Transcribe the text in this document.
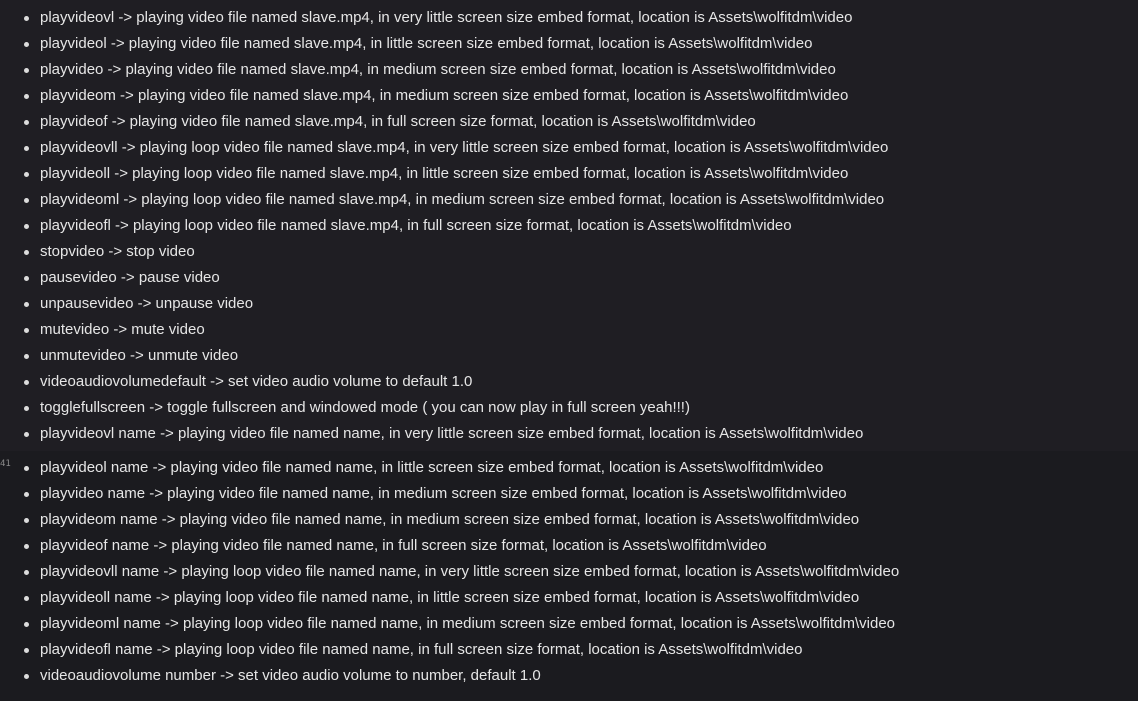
playvideovl -> playing video file named slave.mp4, in very little screen size embed format, location is Assets\wolfitdm\video
playvideol -> playing video file named slave.mp4, in little screen size embed format, location is Assets\wolfitdm\video
playvideo -> playing video file named slave.mp4, in medium screen size embed format, location is Assets\wolfitdm\video
playvideom -> playing video file named slave.mp4, in medium screen size embed format, location is Assets\wolfitdm\video
playvideof -> playing video file named slave.mp4, in full screen size format, location is Assets\wolfitdm\video
playvideovll -> playing loop video file named slave.mp4, in very little screen size embed format, location is Assets\wolfitdm\video
playvideoll -> playing loop video file named slave.mp4, in little screen size embed format, location is Assets\wolfitdm\video
playvideoml -> playing loop video file named slave.mp4, in medium screen size embed format, location is Assets\wolfitdm\video
playvideofl -> playing loop video file named slave.mp4, in full screen size format, location is Assets\wolfitdm\video
stopvideo -> stop video
pausevideo -> pause video
unpausevideo -> unpause video
mutevideo -> mute video
unmutevideo -> unmute video
videoaudiovolumedefault -> set video audio volume to default 1.0
togglefullscreen -> toggle fullscreen and windowed mode ( you can now play in full screen yeah!!!)
playvideovl name -> playing video file named name, in very little screen size embed format, location is Assets\wolfitdm\video
41	playvideol name -> playing video file named name, in little screen size embed format, location is Assets\wolfitdm\video
playvideo name -> playing video file named name, in medium screen size embed format, location is Assets\wolfitdm\video
playvideom name -> playing video file named name, in medium screen size embed format, location is Assets\wolfitdm\video
playvideof name -> playing video file named name, in full screen size format, location is Assets\wolfitdm\video
playvideovll name -> playing loop video file named name, in very little screen size embed format, location is Assets\wolfitdm\video
playvideoll name -> playing loop video file named name, in little screen size embed format, location is Assets\wolfitdm\video
playvideoml name -> playing loop video file named name, in medium screen size embed format, location is Assets\wolfitdm\video
playvideofl name -> playing loop video file named name, in full screen size format, location is Assets\wolfitdm\video
videoaudiovolume number -> set video audio volume to number, default 1.0
